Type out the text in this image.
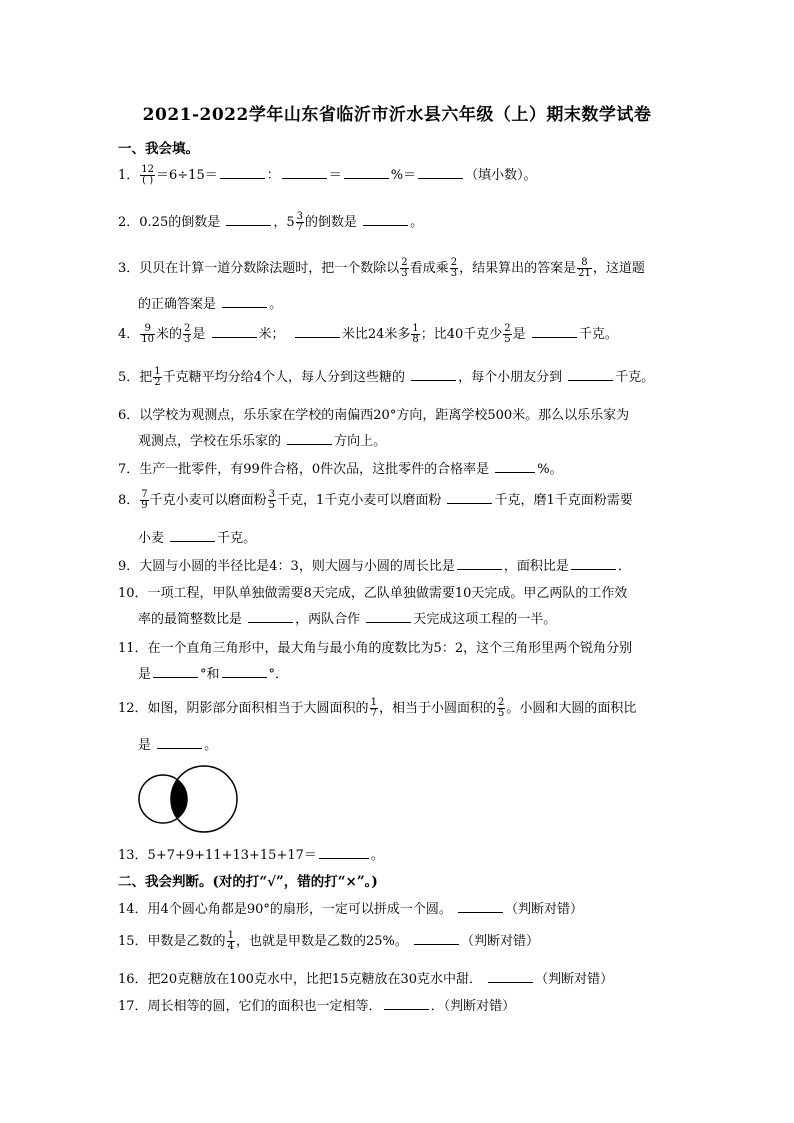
2021-2022学年山东省临沂市沂水县六年级（上）期末数学试卷
一、我会填。
1． $\frac{12}{( )} =6\div 15=$	：	＝	%＝	（填小数）。
2．0.25的倒数是	，$5 \frac{3}{7}$ 的倒数是	。
3．贝贝在计算一道分数除法题时，把一个数除以 $\frac{2}{3}$ 看成乘 $\frac{2}{3}$ ，结果算出的答案是 $\frac{8}{21}$ ，这道题
的正确答案是	。
4． $\frac{9}{10}$ 米的 $\frac{2}{3}$ 是	米；	米比24米多 $\frac{1}{8}$ ；比40千克少 $\frac{2}{5}$ 是	千克。
5．把 $\frac{1}{2}$ 千克糖平均分给4个人，每人分到这些糖的	，每个小朋友分到	千克。
6．以学校为观测点，乐乐家在学校的南偏西20°方向，距离学校500米。那么以乐乐家为
观测点，学校在乐乐家的	方向上。
7．生产一批零件，有99件合格，0件次品，这批零件的合格率是	%。
8． $\frac{7}{9}$ 千克小麦可以磨面粉 $\frac{3}{5}$ 千克，1千克小麦可以磨面粉	千克，磨1千克面粉需要
小麦	千克。
9．大圆与小圆的半径比是4：3，则大圆与小圆的周长比是	，面积比是	．
10．一项工程，甲队单独做需要8天完成，乙队单独做需要10天完成。甲乙两队的工作效
率的最简整数比是	，两队合作	天完成这项工程的一半。
11．在一个直角三角形中，最大角与最小角的度数比为5：2，这个三角形里两个锐角分别
是	°和	°．
12．如图，阴影部分面积相当于大圆面积的 $\frac{1}{7}$ ，相当于小圆面积的 $\frac{2}{5}$ 。小圆和大圆的面积比
是	。
13．5+7+9+11+13+15+17＝	。
二、我会判断。(对的打“√”，错的打“×”。)
14．用4个圆心角都是90°的扇形，一定可以拼成一个圆。	（判断对错）
15．甲数是乙数的 $\frac{1}{4}$ ，也就是甲数是乙数的25%。	（判断对错）
16．把20克糖放在100克水中，比把15克糖放在30克水中甜．	（判断对错）
17．周长相等的圆，它们的面积也一定相等．	．（判断对错）
